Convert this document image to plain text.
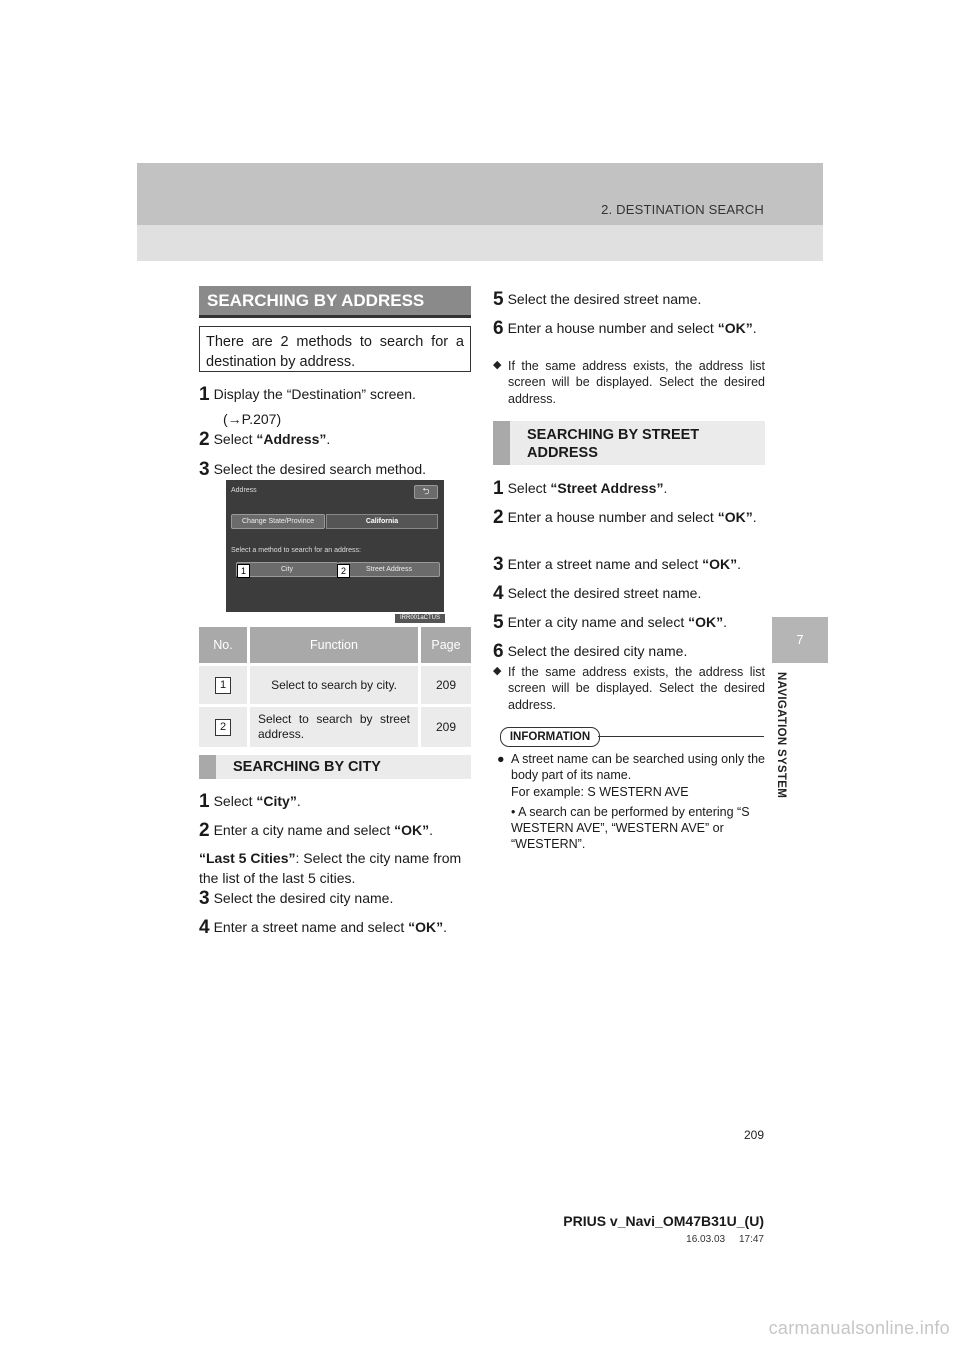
2. DESTINATION SEARCH
7
NAVIGATION SYSTEM
SEARCHING BY ADDRESS
There are 2 methods to search for a destination by address.
1 Display the “Destination” screen.
(→P.207)
2 Select “Address”.
3 Select the desired search method.
Address	⮌
Change State/Province	California
Select a method to search for an address:
City	Street Address
1	2
IRR001aCTUS
No.	Function	Page
1	Select to search by city.	209
2	Select to search by street address.	209
SEARCHING BY CITY
1 Select “City”.
2 Enter a city name and select “OK”.
“Last 5 Cities”: Select the city name from the list of the last 5 cities.
3 Select the desired city name.
4 Enter a street name and select “OK”.
5 Select the desired street name.
6 Enter a house number and select “OK”.
◆ If the same address exists, the address list screen will be displayed. Select the desired address.
SEARCHING BY STREET ADDRESS
1 Select “Street Address”.
2 Enter a house number and select “OK”.
3 Enter a street name and select “OK”.
4 Select the desired street name.
5 Enter a city name and select “OK”.
6 Select the desired city name.
◆ If the same address exists, the address list screen will be displayed. Select the desired address.
INFORMATION
● A street name can be searched using only the body part of its name.
For example: S WESTERN AVE
• A search can be performed by entering “S WESTERN AVE”, “WESTERN AVE” or “WESTERN”.
209
PRIUS v_Navi_OM47B31U_(U)
16.03.03     17:47
carmanualsonline.info
